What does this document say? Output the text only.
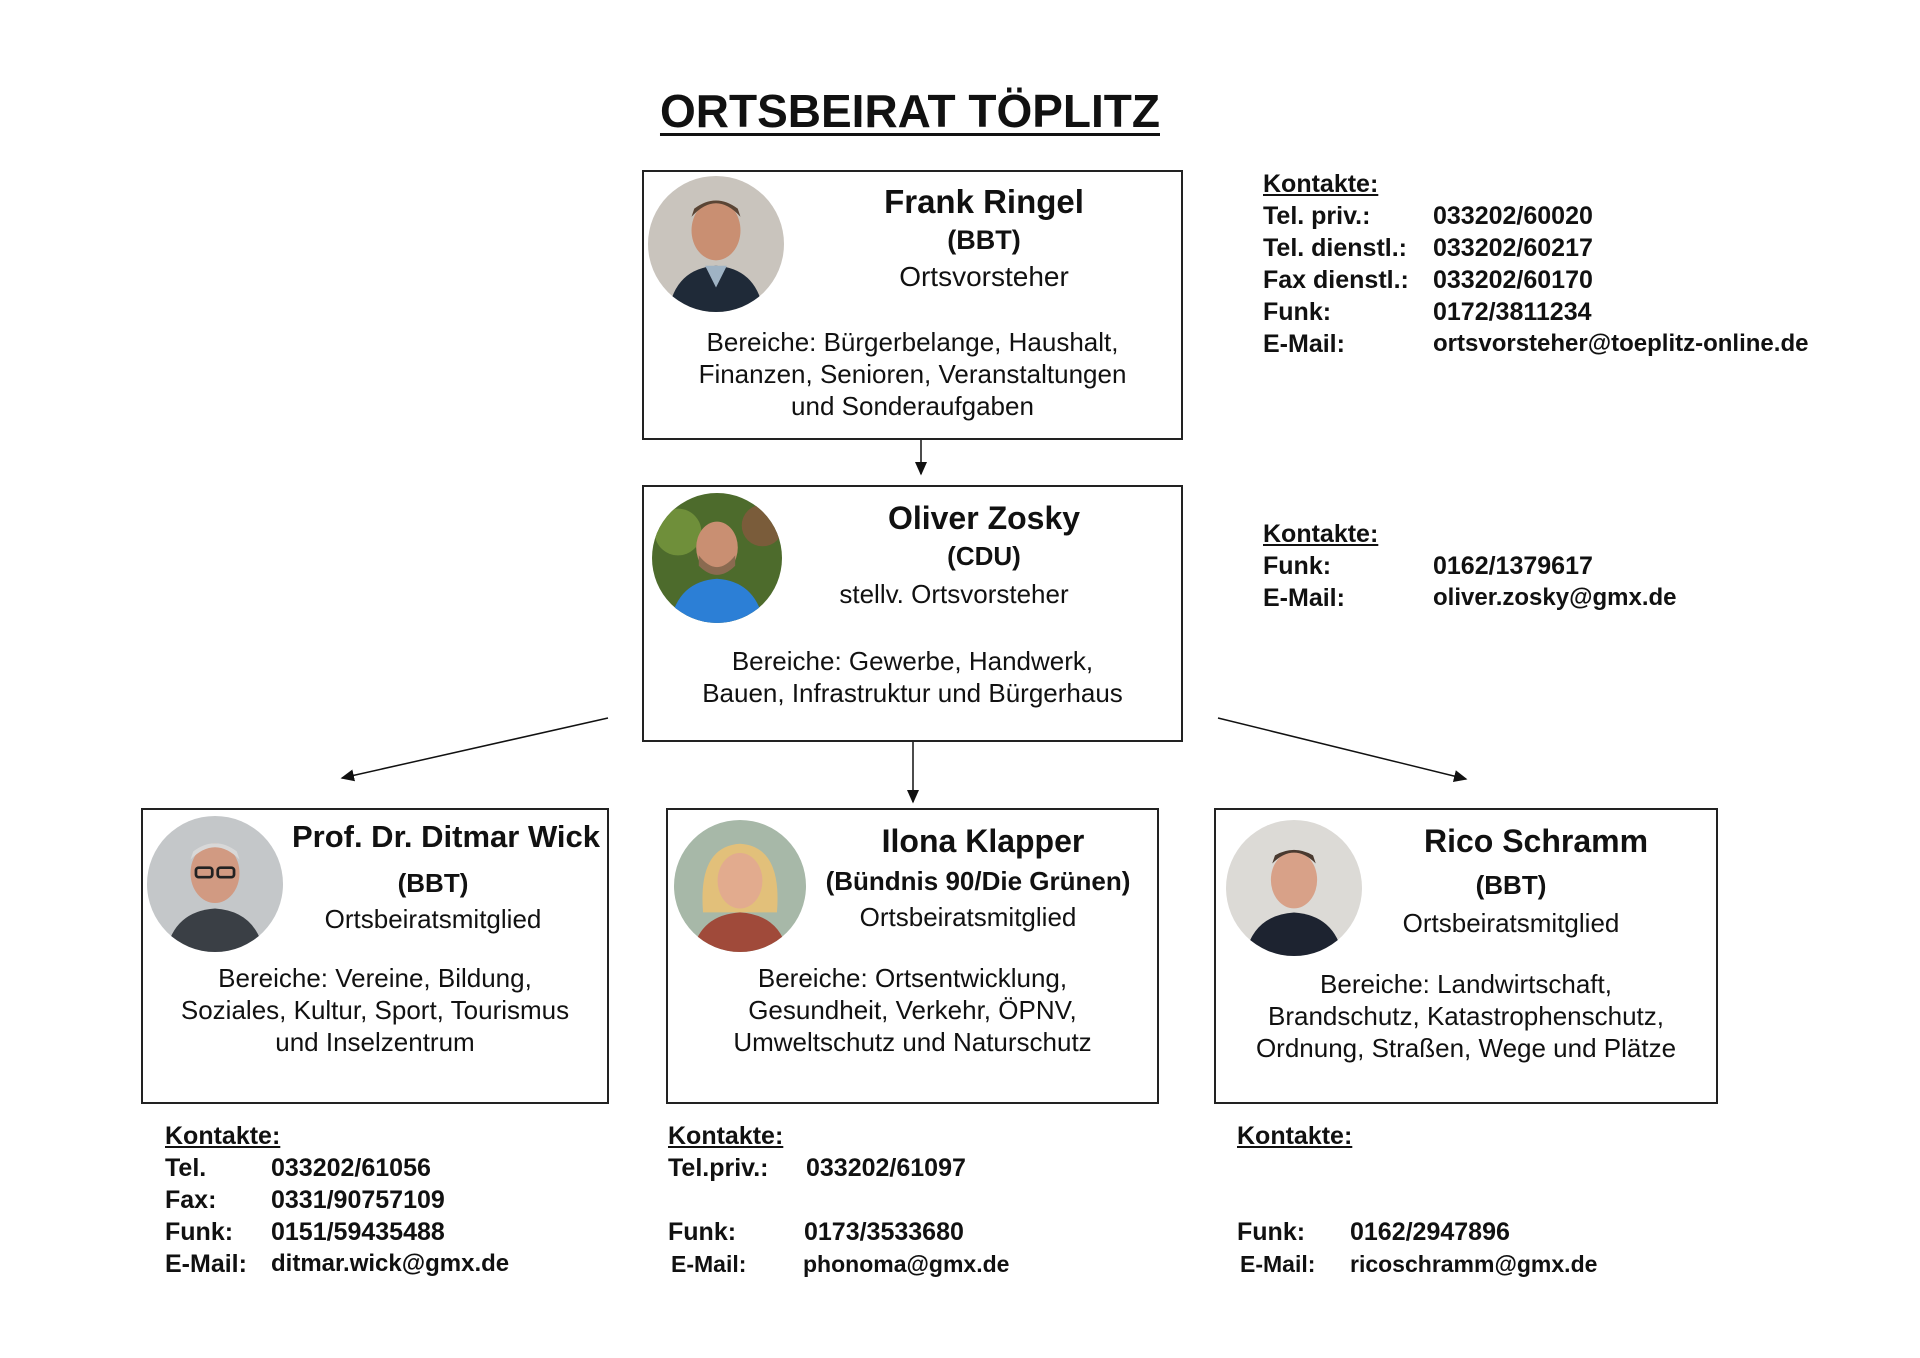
ORTSBEIRAT TÖPLITZ
Frank Ringel
(BBT)
Ortsvorsteher
Bereiche: Bürgerbelange, Haushalt,
Finanzen, Senioren, Veranstaltungen
und Sonderaufgaben
Kontakte:
Tel. priv.:	033202/60020
Tel. dienstl.:	033202/60217
Fax dienstl.: 033202/60170
Funk:	0172/3811234
E-Mail:	ortsvorsteher@toeplitz-online.de
Oliver Zosky
(CDU)
stellv. Ortsvorsteher
Bereiche: Gewerbe, Handwerk,
Bauen, Infrastruktur und Bürgerhaus
Kontakte:
Funk:	0162/1379617
E-Mail:	oliver.zosky@gmx.de
Prof. Dr. Ditmar Wick
(BBT)
Ortsbeiratsmitglied
Bereiche: Vereine, Bildung,
Soziales, Kultur, Sport, Tourismus
und Inselzentrum
Ilona Klapper
(Bündnis 90/Die Grünen)
Ortsbeiratsmitglied
Bereiche: Ortsentwicklung,
Gesundheit, Verkehr, ÖPNV,
Umweltschutz und Naturschutz
Rico Schramm
(BBT)
Ortsbeiratsmitglied
Bereiche: Landwirtschaft,
Brandschutz, Katastrophenschutz,
Ordnung, Straßen, Wege und Plätze
Kontakte:
Tel.	033202/61056
Fax:	0331/90757109
Funk:	0151/59435488
E-Mail:	ditmar.wick@gmx.de
Kontakte:
Tel.priv.:	033202/61097
Funk:	0173/3533680
E-Mail:	phonoma@gmx.de
Kontakte:
Funk:	0162/2947896
E-Mail:	ricoschramm@gmx.de
